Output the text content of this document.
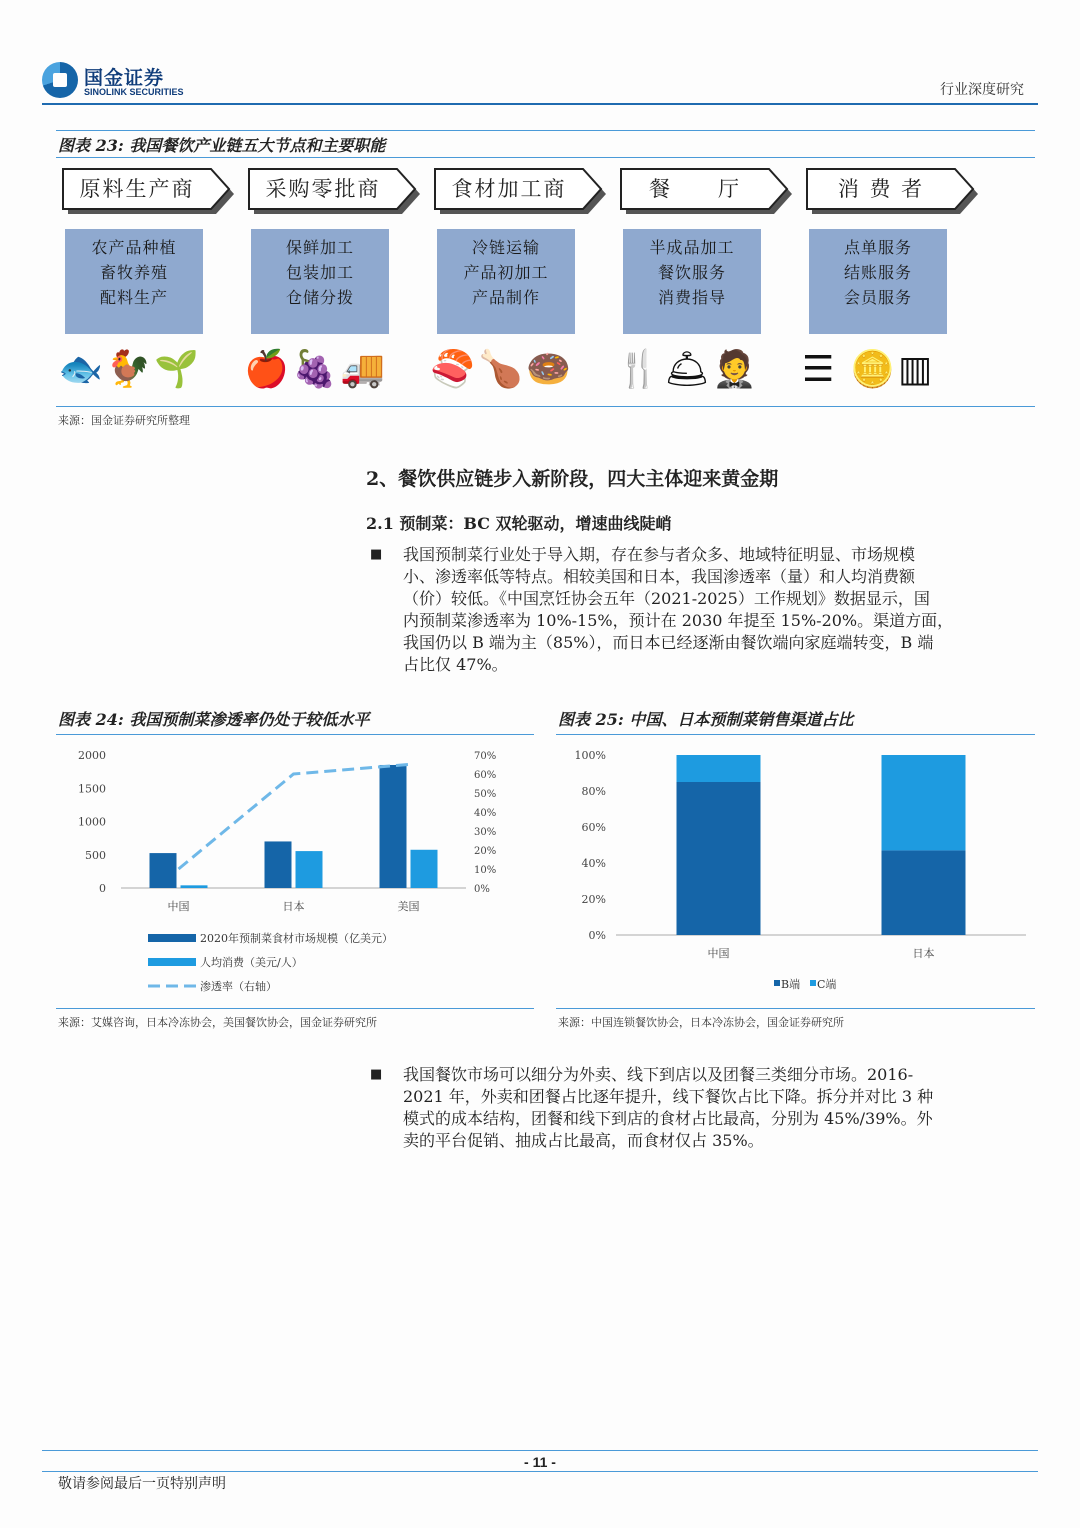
国金证券
SINOLINK SECURITIES	行业深度研究
图表 23: 我国餐饮产业链五大节点和主要职能
原料生产商
农产品种植
畜牧养殖
配料生产
🐟 🐓 🌱
采购零批商
保鲜加工
包装加工
仓储分拨
🍎 🍇 🚚
食材加工商
冷链运输
产品初加工
产品制作
🍣 🍗 🍩
餐　　厅
半成品加工
餐饮服务
消费指导
🍴 🛎 🤵
消 费 者
点单服务
结账服务
会员服务
☰ 🪙 ▥
来源：国金证券研究所整理
2、餐饮供应链步入新阶段，四大主体迎来黄金期
2.1 预制菜：BC 双轮驱动，增速曲线陡峭
■ 我国预制菜行业处于导入期，存在参与者众多、地域特征明显、市场规模
小、渗透率低等特点。相较美国和日本，我国渗透率（量）和人均消费额
（价）较低。《中国烹饪协会五年（2021-2025）工作规划》数据显示，国
内预制菜渗透率为 10%-15%，预计在 2030 年提至 15%-20%。渠道方面，
我国仍以 B 端为主（85%），而日本已经逐渐由餐饮端向家庭端转变，B 端
占比仅 47%。
图表 24: 我国预制菜渗透率仍处于较低水平	图表 25: 中国、日本预制菜销售渠道占比
2000
1500
1000
500
0
70%
60%
50%
40%
30%
20%
10%
0%
中国	日本	美国
2020年预制菜食材市场规模（亿美元）
人均消费（美元/人）
渗透率（右轴）
100%
80%
60%
40%
20%
0%
中国	日本
B端 C端
来源：艾媒咨询，日本冷冻协会，美国餐饮协会，国金证券研究所	来源：中国连锁餐饮协会，日本冷冻协会，国金证券研究所
■ 我国餐饮市场可以细分为外卖、线下到店以及团餐三类细分市场。2016-
2021 年，外卖和团餐占比逐年提升，线下餐饮占比下降。拆分并对比 3 种
模式的成本结构，团餐和线下到店的食材占比最高，分别为 45%/39%。外
卖的平台促销、抽成占比最高，而食材仅占 35%。
- 11 -
敬请参阅最后一页特别声明
